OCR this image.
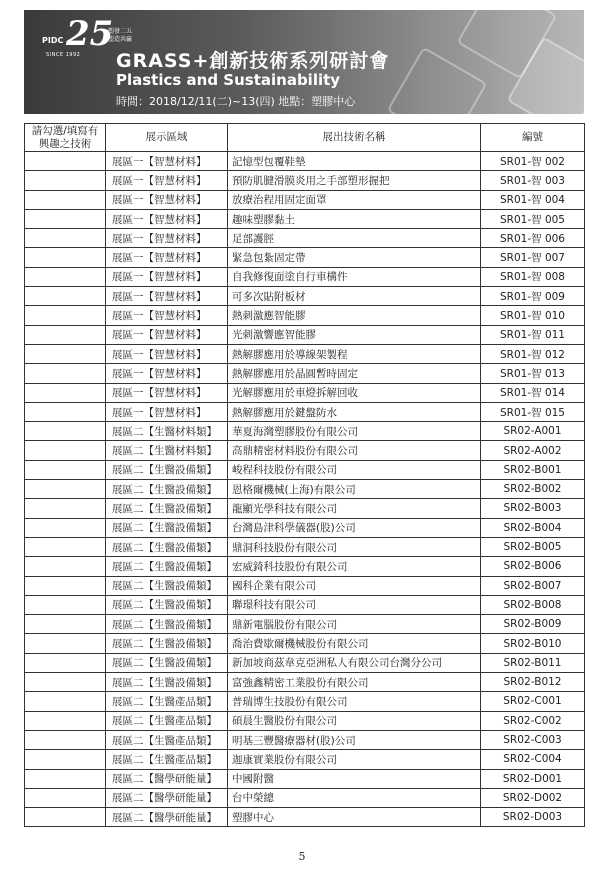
25
PIDC
SINCE 1992
塑發二五 塑造共贏
GRASS+創新技術系列研討會
Plastics and Sustainability
時間：2018/12/11(二)~13(四) 地點：塑膠中心
請勾選/填寫有興趣之技術	展示區域	展出技術名稱	編號
	展區一【智慧材料】	記憶型包覆鞋墊	SR01-智 002
	展區一【智慧材料】	預防肌腱滑膜炎用之手部塑形握把	SR01-智 003
	展區一【智慧材料】	放療治程用固定面罩	SR01-智 004
	展區一【智慧材料】	趣味塑膠黏土	SR01-智 005
	展區一【智慧材料】	足部護脛	SR01-智 006
	展區一【智慧材料】	緊急包紮固定帶	SR01-智 007
	展區一【智慧材料】	自我修復面塗自行車構件	SR01-智 008
	展區一【智慧材料】	可多次貼附板材	SR01-智 009
	展區一【智慧材料】	熱刺激應智能膠	SR01-智 010
	展區一【智慧材料】	光刺激響應智能膠	SR01-智 011
	展區一【智慧材料】	熱解膠應用於導線架製程	SR01-智 012
	展區一【智慧材料】	熱解膠應用於晶圓暫時固定	SR01-智 013
	展區一【智慧材料】	光解膠應用於車燈拆解回收	SR01-智 014
	展區一【智慧材料】	熱解膠應用於鍵盤防水	SR01-智 015
	展區二【生醫材料類】	華夏海灣塑膠股份有限公司	SR02-A001
	展區二【生醫材料類】	高鼎精密材料股份有限公司	SR02-A002
	展區二【生醫設備類】	峻程科技股份有限公司	SR02-B001
	展區二【生醫設備類】	恩格爾機械(上海)有限公司	SR02-B002
	展區二【生醫設備類】	龍顯光學科技有限公司	SR02-B003
	展區二【生醫設備類】	台灣島津科學儀器(股)公司	SR02-B004
	展區二【生醫設備類】	鼎洞科技股份有限公司	SR02-B005
	展區二【生醫設備類】	宏威錡科技股份有限公司	SR02-B006
	展區二【生醫設備類】	國科企業有限公司	SR02-B007
	展區二【生醫設備類】	聯璟科技有限公司	SR02-B008
	展區二【生醫設備類】	鼎新電腦股份有限公司	SR02-B009
	展區二【生醫設備類】	喬治費歇爾機械股份有限公司	SR02-B010
	展區二【生醫設備類】	新加坡商茲韋克亞洲私人有限公司台灣分公司	SR02-B011
	展區二【生醫設備類】	富強鑫精密工業股份有限公司	SR02-B012
	展區二【生醫產品類】	普瑞博生技股份有限公司	SR02-C001
	展區二【生醫產品類】	碩晨生醫股份有限公司	SR02-C002
	展區二【生醫產品類】	明基三豐醫療器材(股)公司	SR02-C003
	展區二【生醫產品類】	迦康實業股份有限公司	SR02-C004
	展區二【醫學研能量】	中國附醫	SR02-D001
	展區二【醫學研能量】	台中榮總	SR02-D002
	展區二【醫學研能量】	塑膠中心	SR02-D003
5
